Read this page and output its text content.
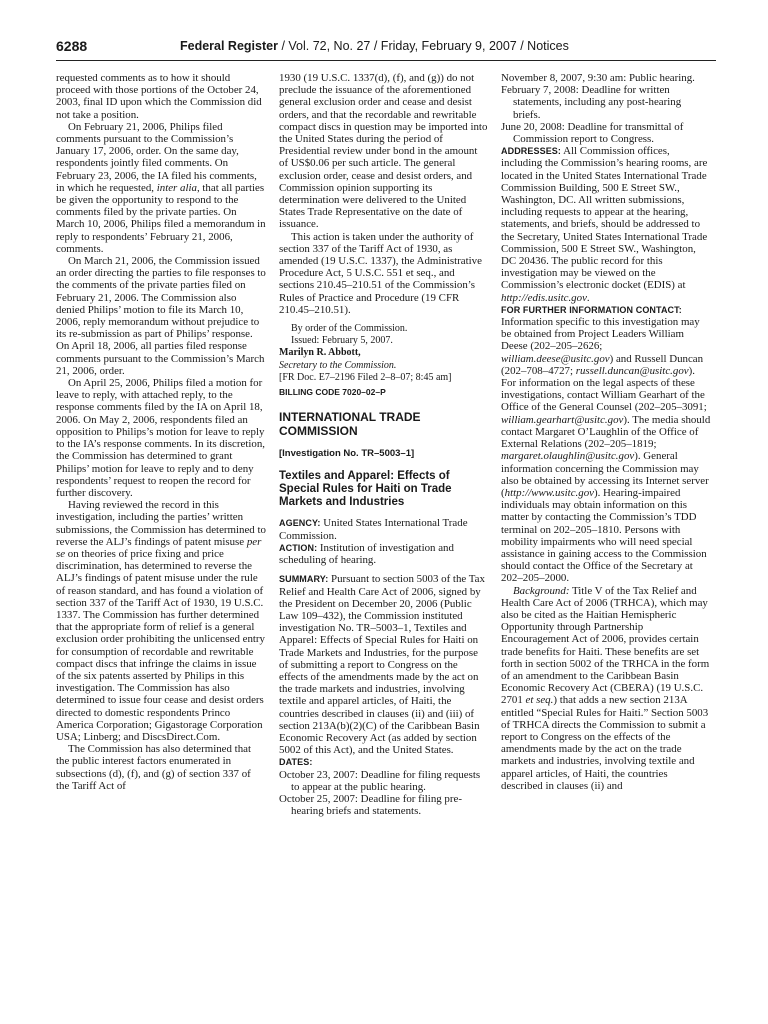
6288	Federal Register / Vol. 72, No. 27 / Friday, February 9, 2007 / Notices

requested comments as to how it should proceed with those portions of the October 24, 2003, final ID upon which the Commission did not take a position.

On February 21, 2006, Philips filed comments pursuant to the Commission’s January 17, 2006, order. On the same day, respondents jointly filed comments. On February 23, 2006, the IA filed his comments, in which he requested, inter alia, that all parties be given the opportunity to respond to the comments filed by the private parties. On March 10, 2006, Philips filed a memorandum in reply to respondents’ February 21, 2006, comments.

On March 21, 2006, the Commission issued an order directing the parties to file responses to the comments of the private parties filed on February 21, 2006. The Commission also denied Philips’ motion to file its March 10, 2006, reply memorandum without prejudice to its re-submission as part of Philips’ response. On April 18, 2006, all parties filed response comments pursuant to the Commission’s March 21, 2006, order.

On April 25, 2006, Philips filed a motion for leave to reply, with attached reply, to the response comments filed by the IA on April 18, 2006. On May 2, 2006, respondents filed an opposition to Philips’s motion for leave to reply to the IA’s response comments. In its discretion, the Commission has determined to grant Philips’ motion for leave to reply and to deny respondents’ request to reopen the record for further discovery.

Having reviewed the record in this investigation, including the parties’ written submissions, the Commission has determined to reverse the ALJ’s findings of patent misuse per se on theories of price fixing and price discrimination, has determined to reverse the ALJ’s findings of patent misuse under the rule of reason standard, and has found a violation of section 337 of the Tariff Act of 1930, 19 U.S.C. 1337. The Commission has further determined that the appropriate form of relief is a general exclusion order prohibiting the unlicensed entry for consumption of recordable and rewritable compact discs that infringe the claims in issue of the six patents asserted by Philips in this investigation. The Commission has also determined to issue four cease and desist orders directed to domestic respondents Princo America Corporation; Gigastorage Corporation USA; Linberg; and DiscsDirect.Com.

The Commission has also determined that the public interest factors enumerated in subsections (d), (f), and (g) of section 337 of the Tariff Act of

1930 (19 U.S.C. 1337(d), (f), and (g)) do not preclude the issuance of the aforementioned general exclusion order and cease and desist orders, and that the recordable and rewritable compact discs in question may be imported into the United States during the period of Presidential review under bond in the amount of US$0.06 per such article. The general exclusion order, cease and desist orders, and Commission opinion supporting its determination were delivered to the United States Trade Representative on the date of issuance.

This action is taken under the authority of section 337 of the Tariff Act of 1930, as amended (19 U.S.C. 1337), the Administrative Procedure Act, 5 U.S.C. 551 et seq., and sections 210.45–210.51 of the Commission’s Rules of Practice and Procedure (19 CFR 210.45–210.51).

By order of the Commission.

Issued: February 5, 2007.

Marilyn R. Abbott,

Secretary to the Commission.

[FR Doc. E7–2196 Filed 2–8–07; 8:45 am]

BILLING CODE 7020–02–P

INTERNATIONAL TRADE COMMISSION

[Investigation No. TR–5003–1]

Textiles and Apparel: Effects of Special Rules for Haiti on Trade Markets and Industries

AGENCY: United States International Trade Commission.

ACTION: Institution of investigation and scheduling of hearing.

SUMMARY: Pursuant to section 5003 of the Tax Relief and Health Care Act of 2006, signed by the President on December 20, 2006 (Public Law 109–432), the Commission instituted investigation No. TR–5003–1, Textiles and Apparel: Effects of Special Rules for Haiti on Trade Markets and Industries, for the purpose of submitting a report to Congress on the effects of the amendments made by the act on the trade markets and industries, involving textile and apparel articles, of Haiti, the countries described in clauses (ii) and (iii) of section 213A(b)(2)(C) of the Caribbean Basin Economic Recovery Act (as added by section 5002 of this Act), and the United States.

DATES:

October 23, 2007: Deadline for filing requests to appear at the public hearing.

October 25, 2007: Deadline for filing pre-hearing briefs and statements.

November 8, 2007, 9:30 am: Public hearing.

February 7, 2008: Deadline for written statements, including any post-hearing briefs.

June 20, 2008: Deadline for transmittal of Commission report to Congress.

ADDRESSES: All Commission offices, including the Commission’s hearing rooms, are located in the United States International Trade Commission Building, 500 E Street SW., Washington, DC. All written submissions, including requests to appear at the hearing, statements, and briefs, should be addressed to the Secretary, United States International Trade Commission, 500 E Street SW., Washington, DC 20436. The public record for this investigation may be viewed on the Commission’s electronic docket (EDIS) at http://edis.usitc.gov.

FOR FURTHER INFORMATION CONTACT:

Information specific to this investigation may be obtained from Project Leaders William Deese (202–205–2626; william.deese@usitc.gov) and Russell Duncan (202–708–4727; russell.duncan@usitc.gov). For information on the legal aspects of these investigations, contact William Gearhart of the Office of the General Counsel (202–205–3091; william.gearhart@usitc.gov). The media should contact Margaret O’Laughlin of the Office of External Relations (202–205–1819; margaret.olaughlin@usitc.gov). General information concerning the Commission may also be obtained by accessing its Internet server (http://www.usitc.gov). Hearing-impaired individuals may obtain information on this matter by contacting the Commission’s TDD terminal on 202–205–1810. Persons with mobility impairments who will need special assistance in gaining access to the Commission should contact the Office of the Secretary at 202–205–2000.

Background: Title V of the Tax Relief and Health Care Act of 2006 (TRHCA), which may also be cited as the Haitian Hemispheric Opportunity through Partnership Encouragement Act of 2006, provides certain trade benefits for Haiti. These benefits are set forth in section 5002 of the TRHCA in the form of an amendment to the Caribbean Basin Economic Recovery Act (CBERA) (19 U.S.C. 2701 et seq.) that adds a new section 213A entitled “Special Rules for Haiti.” Section 5003 of TRHCA directs the Commission to submit a report to Congress on the effects of the amendments made by the act on the trade markets and industries, involving textile and apparel articles, of Haiti, the countries described in clauses (ii) and
